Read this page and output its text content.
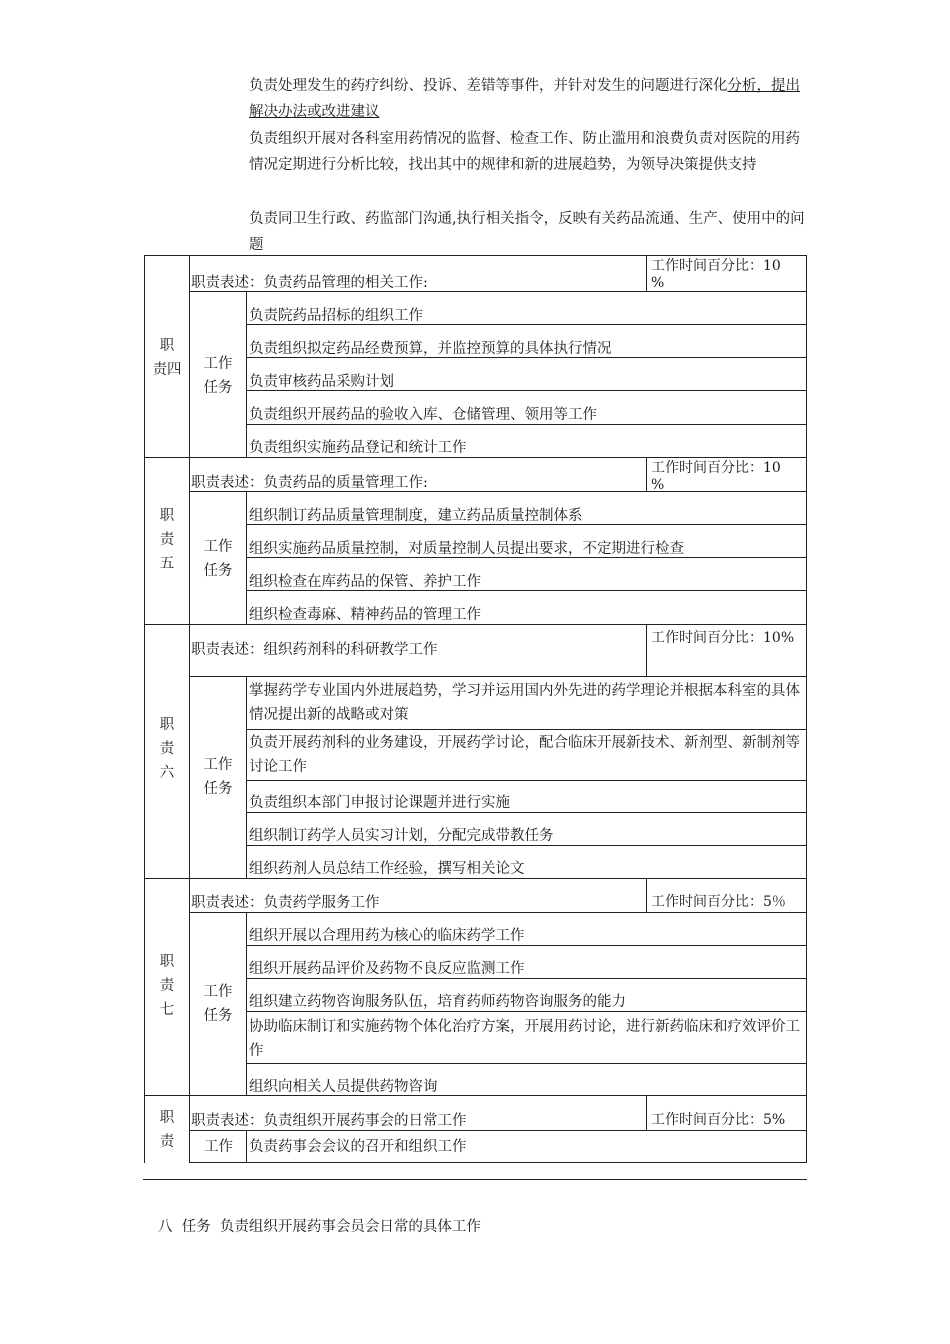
负责处理发生的药疗纠纷、投诉、差错等事件，并针对发生的问题进行深化分析，提出解决办法或改进建议

负责组织开展对各科室用药情况的监督、检查工作、防止滥用和浪费负责对医院的用药情况定期进行分析比较，找出其中的规律和新的进展趋势，为领导决策提供支持

负责同卫生行政、药监部门沟通,执行相关指令，反映有关药品流通、生产、使用中的问题

职
责四
职责表述：负责药品管理的相关工作:
工作时间百分比：10
%
工作
任务
负责院药品招标的组织工作
负责组织拟定药品经费预算，并监控预算的具体执行情况
负责审核药品采购计划
负责组织开展药品的验收入库、仓储管理、领用等工作
负责组织实施药品登记和统计工作
职
责
五
职责表述：负责药品的质量管理工作:
工作时间百分比：10
%
工作
任务
组织制订药品质量管理制度，建立药品质量控制体系
组织实施药品质量控制，对质量控制人员提出要求，不定期进行检查
组织检查在库药品的保管、养护工作
组织检查毒麻、精神药品的管理工作
职
责
六
职责表述：组织药剂科的科研教学工作
工作时间百分比：10%
工作
任务
掌握药学专业国内外进展趋势，学习并运用国内外先进的药学理论并根据本科室的具体情况提出新的战略或对策
负责开展药剂科的业务建设，开展药学讨论，配合临床开展新技术、新剂型、新制剂等讨论工作
负责组织本部门申报讨论课题并进行实施
组织制订药学人员实习计划，分配完成带教任务
组织药剂人员总结工作经验，撰写相关论文
职
责
七
职责表述：负责药学服务工作	工作时间百分比：5％
工作
任务
组织开展以合理用药为核心的临床药学工作
组织开展药品评价及药物不良反应监测工作
组织建立药物咨询服务队伍，培育药师药物咨询服务的能力
协助临床制订和实施药物个体化治疗方案，开展用药讨论，进行新药临床和疗效评价工作
组织向相关人员提供药物咨询
职
责
职责表述：负责组织开展药事会的日常工作	工作时间百分比：5%
工作 负责药事会会议的召开和组织工作
八  任务  负责组织开展药事会员会日常的具体工作
